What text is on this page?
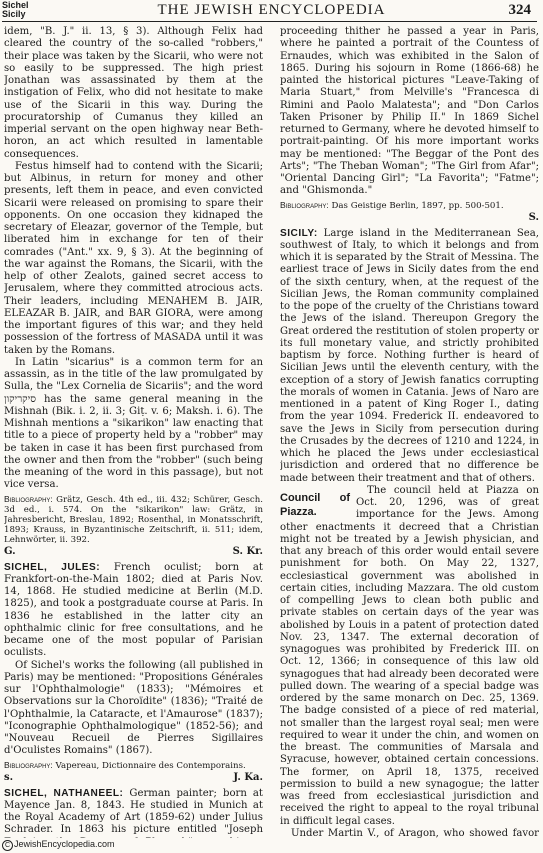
Sichel
Sicily	THE JEWISH ENCYCLOPEDIA	324

idem, "B. J." ii. 13, § 3). Although Felix had cleared the country of the so-called "robbers," their place was taken by the Sicarii, who were not so easily to be suppressed. The high priest Jonathan was assassinated by them at the instigation of Felix, who did not hesitate to make use of the Sicarii in this way. During the procuratorship of Cumanus they killed an imperial servant on the open highway near Beth-horon, an act which resulted in lamentable consequences.

Festus himself had to contend with the Sicarii; but Albinus, in return for money and other presents, left them in peace, and even convicted Sicarii were released on promising to spare their opponents. On one occasion they kidnaped the secretary of Eleazar, governor of the Temple, but liberated him in exchange for ten of their comrades ("Ant." xx. 9, § 3). At the beginning of the war against the Romans, the Sicarii, with the help of other Zealots, gained secret access to Jerusalem, where they committed atrocious acts. Their leaders, including MENAHEM B. JAIR, ELEAZAR B. JAIR, and BAR GIORA, were among the important figures of this war; and they held possession of the fortress of MASADA until it was taken by the Romans.

In Latin "sicarius" is a common term for an assassin, as in the title of the law promulgated by Sulla, the "Lex Cornelia de Sicariis"; and the word סיקריקון has the same general meaning in the Mishnah (Bik. i. 2, ii. 3; Giṭ. v. 6; Maksh. i. 6). The Mishnah mentions a "sikarikon" law enacting that title to a piece of property held by a "robber" may be taken in case it has been first purchased from the owner and then from the "robber" (such being the meaning of the word in this passage), but not vice versa.

Bibliography: Grätz, Gesch. 4th ed., iii. 432; Schürer, Gesch. 3d ed., i. 574. On the "sikarikon" law: Grätz, in Jahresbericht, Breslau, 1892; Rosenthal, in Monatsschrift, 1893; Krauss, in Byzantinische Zeitschrift, ii. 511; idem, Lehnwörter, ii. 392.

G.	S. Kr.

SICHEL, JULES: French oculist; born at Frankfort-on-the-Main 1802; died at Paris Nov. 14, 1868. He studied medicine at Berlin (M.D. 1825), and took a postgraduate course at Paris. In 1836 he established in the latter city an ophthalmic clinic for free consultations, and he became one of the most popular of Parisian oculists.

Of Sichel's works the following (all published in Paris) may be mentioned: "Propositions Générales sur l'Ophthalmologie" (1833); "Mémoires et Observations sur la Choroïdite" (1836); "Traité de l'Ophthalmie, la Cataracte, et l'Amaurose" (1837); "Iconographie Ophthalmologique" (1852-56); and "Nouveau Recueil de Pierres Sigillaires d'Oculistes Romains" (1867).

Bibliography: Vapereau, Dictionnaire des Contemporains.

s.	J. Ka.

SICHEL, NATHANEEL: German painter; born at Mayence Jan. 8, 1843. He studied in Munich at the Royal Academy of Art (1859-62) under Julius Schrader. In 1863 his picture entitled "Joseph

proceeding thither he passed a year in Paris, where he painted a portrait of the Countess of Ernaudes, which was exhibited in the Salon of 1865. During his sojourn in Rome (1866-68) he painted the historical pictures "Leave-Taking of Maria Stuart," from Melville's "Francesca di Rimini and Paolo Malatesta"; and "Don Carlos Taken Prisoner by Philip II." In 1869 Sichel returned to Germany, where he devoted himself to portrait-painting. Of his more important works may be mentioned: "The Beggar of the Pont des Arts"; "The Theban Woman"; "The Girl from Afar"; "Oriental Dancing Girl"; "La Favorita"; "Fatme"; and "Ghismonda."

Bibliography: Das Geistige Berlin, 1897, pp. 500-501.

S.

SICILY: Large island in the Mediterranean Sea, southwest of Italy, to which it belongs and from which it is separated by the Strait of Messina. The earliest trace of Jews in Sicily dates from the end of the sixth century, when, at the request of the Sicilian Jews, the Roman community complained to the pope of the cruelty of the Christians toward the Jews of the island. Thereupon Gregory the Great ordered the restitution of stolen property or its full monetary value, and strictly prohibited baptism by force. Nothing further is heard of Sicilian Jews until the eleventh century, with the exception of a story of Jewish fanatics corrupting the morals of women in Catania. Jews of Naro are mentioned in a patent of King Roger I., dating from the year 1094. Frederick II. endeavored to save the Jews in Sicily from persecution during the Crusades by the decrees of 1210 and 1224, in which he placed the Jews under ecclesiastical jurisdiction and ordered that no difference be made between their treatment and that of others.

Council of Piazza.

The council held at Piazza on Oct. 20, 1296, was of great importance for the Jews. Among other enactments it decreed that a Christian might not be treated by a Jewish physician, and that any breach of this order would entail severe punishment for both. On May 22, 1327, ecclesiastical government was abolished in certain cities, including Mazzara. The old custom of compelling Jews to clean both public and private stables on certain days of the year was abolished by Louis in a patent of protection dated Nov. 23, 1347. The external decoration of synagogues was prohibited by Frederick III. on Oct. 12, 1366; in consequence of this law old synagogues that had already been decorated were pulled down. The wearing of a special badge was ordered by the same monarch on Dec. 25, 1369. The badge consisted of a piece of red material, not smaller than the largest royal seal; men were required to wear it under the chin, and women on the breast. The communities of Marsala and Syracuse, however, obtained certain concessions. The former, on April 18, 1375, received permission to build a new synagogue; the latter was freed from ecclesiastical jurisdiction and received the right to appeal to the royal tribunal in difficult legal cases.

Under Martin V., of Aragon, who showed favor

C JewishEncyclopedia.com
